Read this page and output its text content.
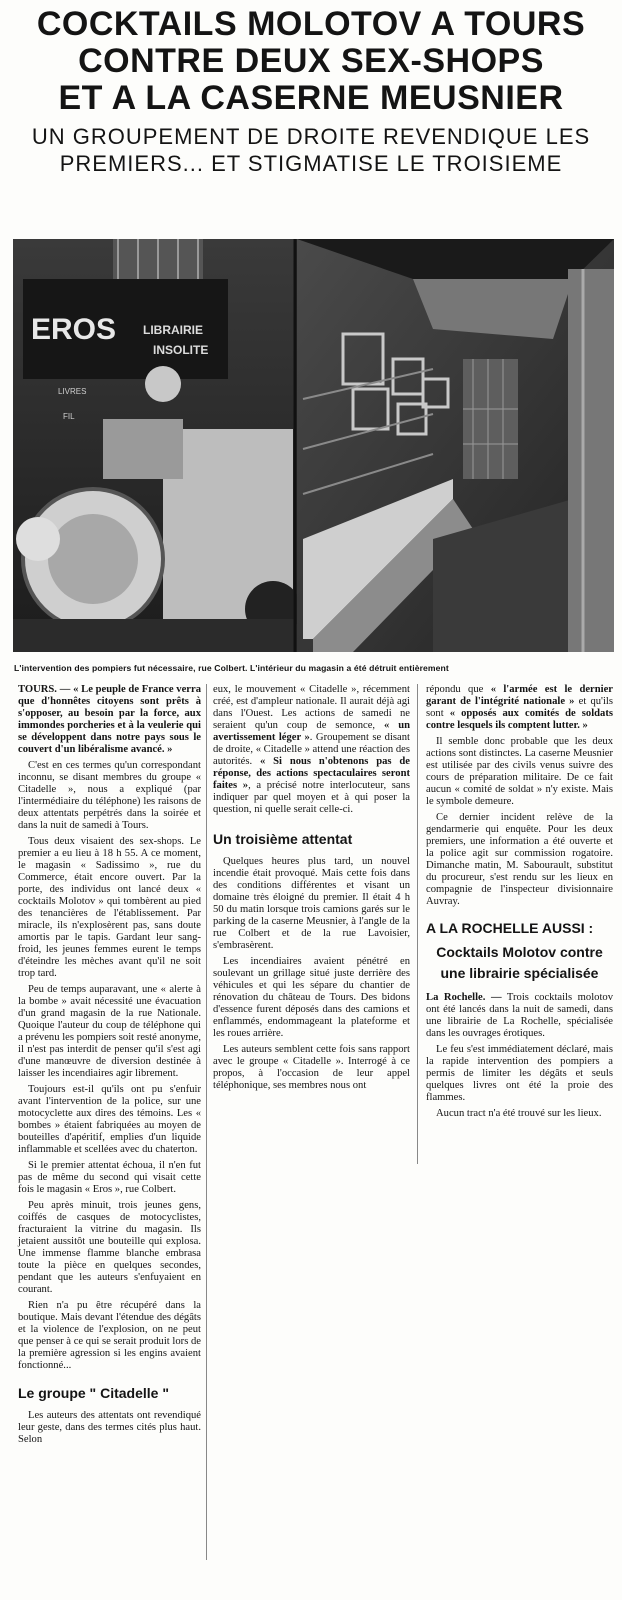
COCKTAILS MOLOTOV A TOURS
CONTRE DEUX SEX-SHOPS
ET A LA CASERNE MEUSNIER
UN GROUPEMENT DE DROITE REVENDIQUE LES
PREMIERS... ET STIGMATISE LE TROISIEME
EROS LIBRAIRIE
INSOLITE
LIVRES
FIL
L'intervention des pompiers fut nécessaire, rue Colbert. L'intérieur du magasin a été détruit entièrement

TOURS. — « Le peuple de France verra que d'honnêtes citoyens sont prêts à s'opposer, au besoin par la force, aux immondes porcheries et à la veulerie qui se développent dans notre pays sous le couvert d'un libéralisme avancé. »

C'est en ces termes qu'un correspondant inconnu, se disant membres du groupe « Citadelle », nous a expliqué (par l'intermédiaire du téléphone) les raisons de deux attentats perpétrés dans la soirée et dans la nuit de samedi à Tours.

Tous deux visaient des sex-shops. Le premier a eu lieu à 18 h 55. A ce moment, le magasin « Sadissimo », rue du Commerce, était encore ouvert. Par la porte, des individus ont lancé deux « cocktails Molotov » qui tombèrent au pied des tenancières de l'établissement. Par miracle, ils n'explosèrent pas, sans doute amortis par le tapis. Gardant leur sang-froid, les jeunes femmes eurent le temps d'éteindre les mèches avant qu'il ne soit trop tard.

Peu de temps auparavant, une « alerte à la bombe » avait nécessité une évacuation d'un grand magasin de la rue Nationale. Quoique l'auteur du coup de téléphone qui a prévenu les pompiers soit resté anonyme, il n'est pas interdit de penser qu'il s'est agi d'une manœuvre de diversion destinée à laisser les incendiaires agir librement.

Toujours est-il qu'ils ont pu s'enfuir avant l'intervention de la police, sur une motocyclette aux dires des témoins. Les « bombes » étaient fabriquées au moyen de bouteilles d'apéritif, emplies d'un liquide inflammable et scellées avec du chaterton.

Si le premier attentat échoua, il n'en fut pas de même du second qui visait cette fois le magasin « Eros », rue Colbert.

Peu après minuit, trois jeunes gens, coiffés de casques de motocyclistes, fracturaient la vitrine du magasin. Ils jetaient aussitôt une bouteille qui explosa. Une immense flamme blanche embrasa toute la pièce en quelques secondes, pendant que les auteurs s'enfuyaient en courant.

Rien n'a pu être récupéré dans la boutique. Mais devant l'étendue des dégâts et la violence de l'explosion, on ne peut que penser à ce qui se serait produit lors de la première agression si les engins avaient fonctionné...

Le groupe " Citadelle "

Les auteurs des attentats ont revendiqué leur geste, dans des termes cités plus haut. Selon

eux, le mouvement « Citadelle », récemment créé, est d'ampleur nationale. Il aurait déjà agi dans l'Ouest. Les actions de samedi ne seraient qu'un coup de semonce, « un avertissement léger ». Groupement se disant de droite, « Citadelle » attend une réaction des autorités. « Si nous n'obtenons pas de réponse, des actions spectaculaires seront faites », a précisé notre interlocuteur, sans indiquer par quel moyen et à qui poser la question, ni quelle serait celle-ci.

Un troisième attentat

Quelques heures plus tard, un nouvel incendie était provoqué. Mais cette fois dans des conditions différentes et visant un domaine très éloigné du premier. Il était 4 h 50 du matin lorsque trois camions garés sur le parking de la caserne Meusnier, à l'angle de la rue Colbert et de la rue Lavoisier, s'embrasèrent.

Les incendiaires avaient pénétré en soulevant un grillage situé juste derrière des véhicules et qui les sépare du chantier de rénovation du château de Tours. Des bidons d'essence furent déposés dans des camions et enflammés, endommageant la plateforme et les roues arrière.

Les auteurs semblent cette fois sans rapport avec le groupe « Citadelle ». Interrogé à ce propos, à l'occasion de leur appel téléphonique, ses membres nous ont

répondu que « l'armée est le dernier garant de l'intégrité nationale » et qu'ils sont « opposés aux comités de soldats contre lesquels ils comptent lutter. »

Il semble donc probable que les deux actions sont distinctes. La caserne Meusnier est utilisée par des civils venus suivre des cours de préparation militaire. De ce fait aucun « comité de soldat » n'y existe. Mais le symbole demeure.

Ce dernier incident relève de la gendarmerie qui enquête. Pour les deux premiers, une information a été ouverte et la police agit sur commission rogatoire. Dimanche matin, M. Sabourault, substitut du procureur, s'est rendu sur les lieux en compagnie de l'inspecteur divisionnaire Auvray.

A LA ROCHELLE AUSSI :
Cocktails Molotov contre une librairie spécialisée

La Rochelle. — Trois cocktails molotov ont été lancés dans la nuit de samedi, dans une librairie de La Rochelle, spécialisée dans les ouvrages érotiques.

Le feu s'est immédiatement déclaré, mais la rapide intervention des pompiers a permis de limiter les dégâts et seuls quelques livres ont été la proie des flammes.

Aucun tract n'a été trouvé sur les lieux.
